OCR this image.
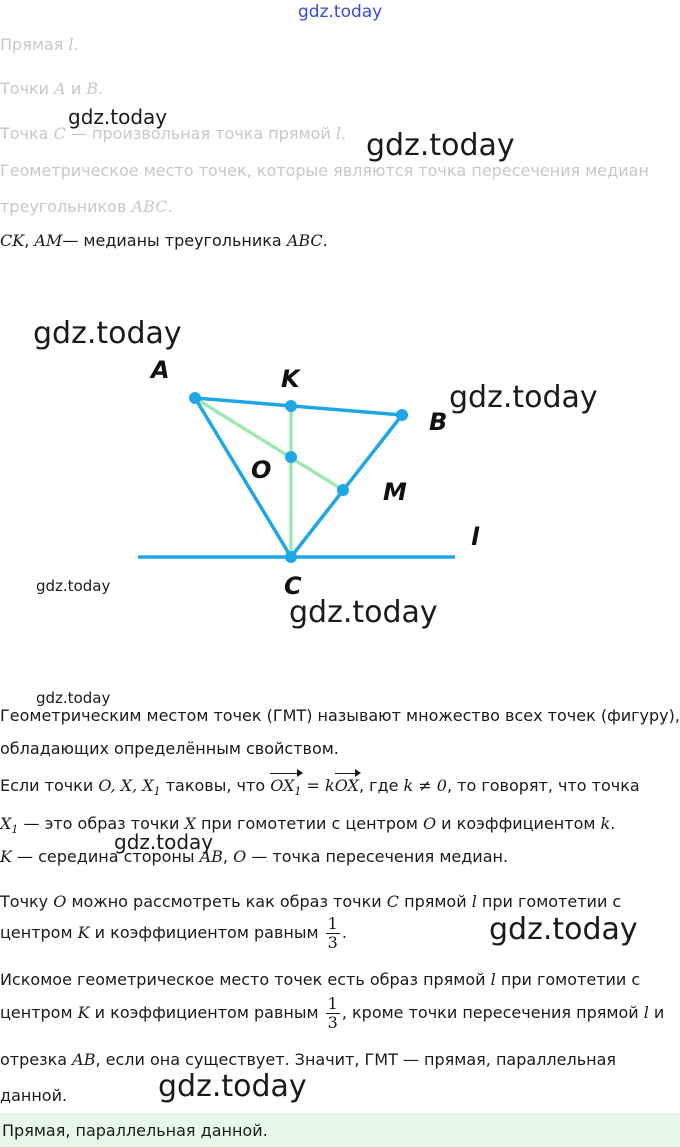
gdz.today
gdz.today
gdz.today
gdz.today
gdz.today
gdz.today
gdz.today
gdz.today
gdz.today
gdz.today
gdz.today
Прямая l.
Точки A и B.
Точка C — произвольная точка прямой l.
Геометрическое место точек, которые являются точка пересечения медиан
треугольников ABC.
CK, AM— медианы треугольника ABC.
A	K
B
O
M
C
l
Геометрическим местом точек (ГМТ) называют множество всех точек (фигуру),
обладающих определённым свойством.
Если точки O, X, $X_1$ таковы, что $OX_1$ = kOX, где k ≠ 0, то говорят, что точка
$X_1$ — это образ точки X при гомотетии с центром O и коэффициентом k.
K — середина стороны AB, O — точка пересечения медиан.
Точку O можно рассмотреть как образ точки C прямой l при гомотетии с
центром K и коэффициентом равным $\frac{1}{3}$ .
Искомое геометрическое место точек есть образ прямой l при гомотетии с
центром K и коэффициентом равным $\frac{1}{3}$ , кроме точки пересечения прямой l и
отрезка AB, если она существует. Значит, ГМТ — прямая, параллельная
данной.
Прямая, параллельная данной.
